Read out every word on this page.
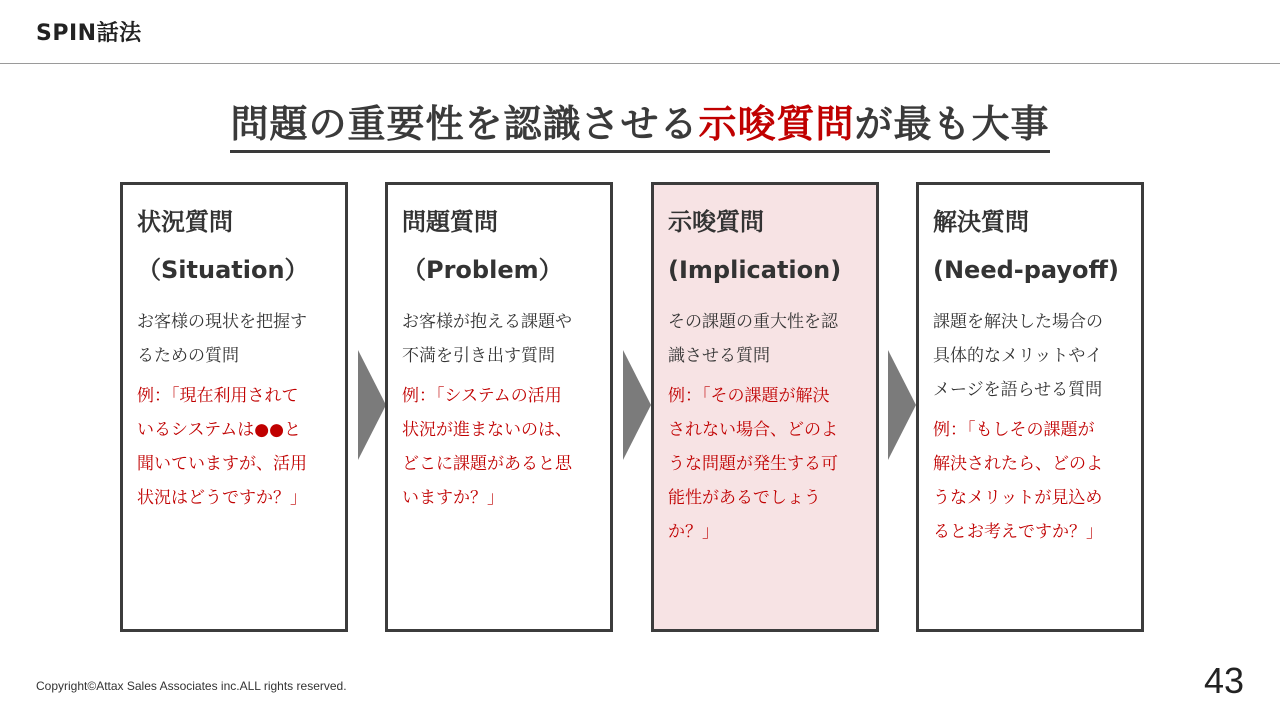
SPIN話法
問題の重要性を認識させる示唆質問が最も大事
状況質問
（Situation）
お客様の現状を把握す
るための質問
例：「現在利用されて
いるシステムは●●と
聞いていますが、活用
状況はどうですか？」
問題質問
（Problem）
お客様が抱える課題や
不満を引き出す質問
例：「システムの活用
状況が進まないのは、
どこに課題があると思
いますか？」
示唆質問
(Implication)
その課題の重大性を認
識させる質問
例：「その課題が解決
されない場合、どのよ
うな問題が発生する可
能性があるでしょう
か？」
解決質問
(Need-payoff)
課題を解決した場合の
具体的なメリットやイ
メージを語らせる質問
例：「もしその課題が
解決されたら、どのよ
うなメリットが見込め
るとお考えですか？」
Copyright©Attax Sales Associates inc.ALL rights reserved.	43
